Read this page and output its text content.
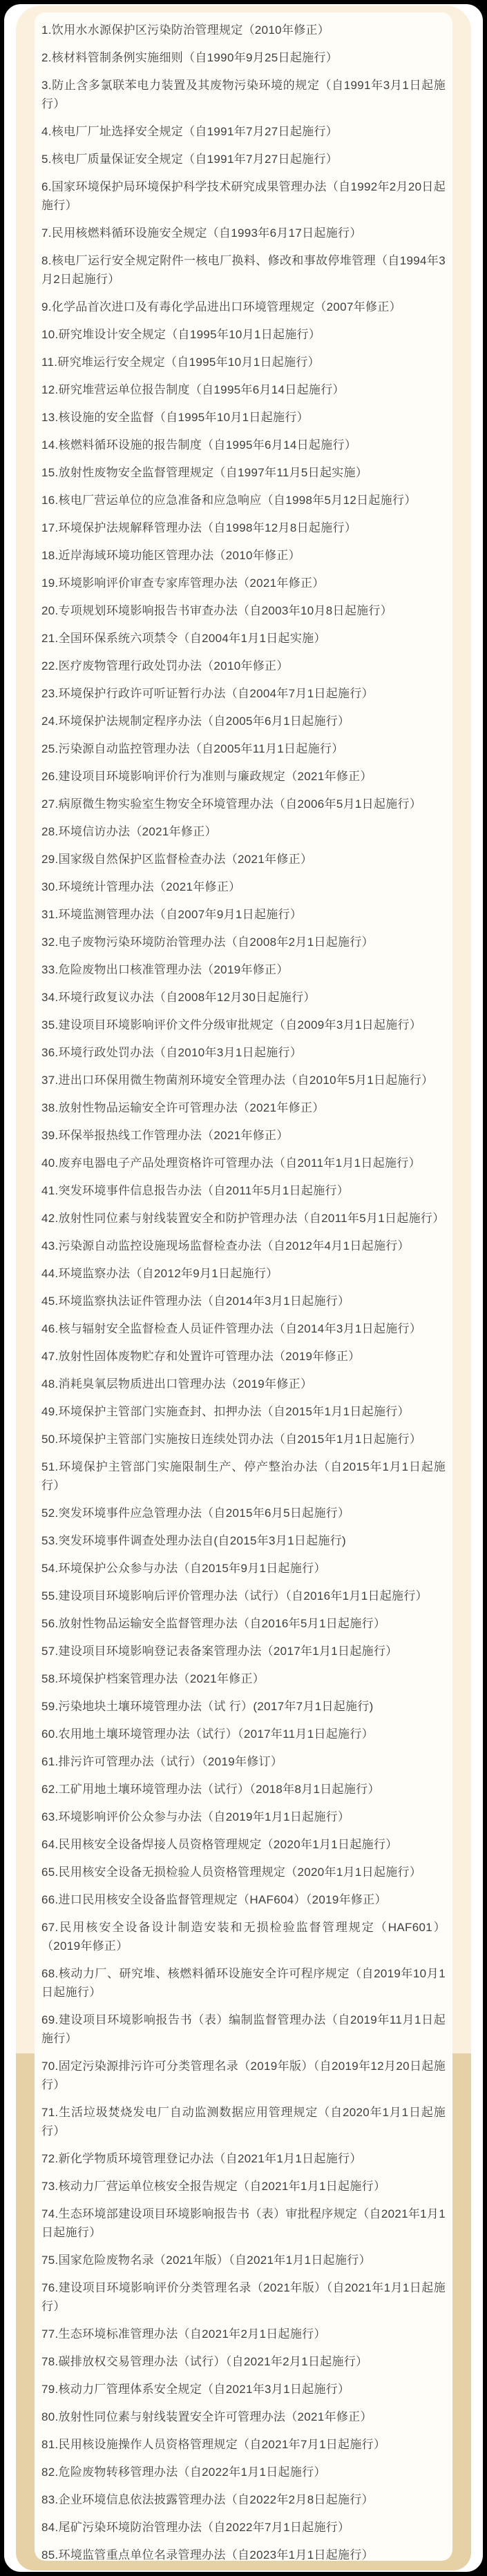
1.饮用水水源保护区污染防治管理规定（2010年修正）
2.核材料管制条例实施细则（自1990年9月25日起施行）
3.防止含多氯联苯电力装置及其废物污染环境的规定（自1991年3月1日起施行）
4.核电厂厂址选择安全规定（自1991年7月27日起施行）
5.核电厂质量保证安全规定（自1991年7月27日起施行）
6.国家环境保护局环境保护科学技术研究成果管理办法（自1992年2月20日起施行）
7.民用核燃料循环设施安全规定（自1993年6月17日起施行）
8.核电厂运行安全规定附件一核电厂换料、修改和事故停堆管理（自1994年3月2日起施行）
9.化学品首次进口及有毒化学品进出口环境管理规定（2007年修正）
10.研究堆设计安全规定（自1995年10月1日起施行）
11.研究堆运行安全规定（自1995年10月1日起施行）
12.研究堆营运单位报告制度（自1995年6月14日起施行）
13.核设施的安全监督（自1995年10月1日起施行）
14.核燃料循环设施的报告制度（自1995年6月14日起施行）
15.放射性废物安全监督管理规定（自1997年11月5日起实施）
16.核电厂营运单位的应急准备和应急响应（自1998年5月12日起施行）
17.环境保护法规解释管理办法（自1998年12月8日起施行）
18.近岸海域环境功能区管理办法（2010年修正）
19.环境影响评价审查专家库管理办法（2021年修正）
20.专项规划环境影响报告书审查办法（自2003年10月8日起施行）
21.全国环保系统六项禁令（自2004年1月1日起实施）
22.医疗废物管理行政处罚办法（2010年修正）
23.环境保护行政许可听证暂行办法（自2004年7月1日起施行）
24.环境保护法规制定程序办法（自2005年6月1日起施行）
25.污染源自动监控管理办法（自2005年11月1日起施行）
26.建设项目环境影响评价行为准则与廉政规定（2021年修正）
27.病原微生物实验室生物安全环境管理办法（自2006年5月1日起施行）
28.环境信访办法（2021年修正）
29.国家级自然保护区监督检查办法（2021年修正）
30.环境统计管理办法（2021年修正）
31.环境监测管理办法（自2007年9月1日起施行）
32.电子废物污染环境防治管理办法（自2008年2月1日起施行）
33.危险废物出口核准管理办法（2019年修正）
34.环境行政复议办法（自2008年12月30日起施行）
35.建设项目环境影响评价文件分级审批规定（自2009年3月1日起施行）
36.环境行政处罚办法（自2010年3月1日起施行）
37.进出口环保用微生物菌剂环境安全管理办法（自2010年5月1日起施行）
38.放射性物品运输安全许可管理办法（2021年修正）
39.环保举报热线工作管理办法（2021年修正）
40.废弃电器电子产品处理资格许可管理办法（自2011年1月1日起施行）
41.突发环境事件信息报告办法（自2011年5月1日起施行）
42.放射性同位素与射线装置安全和防护管理办法（自2011年5月1日起施行）
43.污染源自动监控设施现场监督检查办法（自2012年4月1日起施行）
44.环境监察办法（自2012年9月1日起施行）
45.环境监察执法证件管理办法（自2014年3月1日起施行）
46.核与辐射安全监督检查人员证件管理办法（自2014年3月1日起施行）
47.放射性固体废物贮存和处置许可管理办法（2019年修正）
48.消耗臭氧层物质进出口管理办法（2019年修正）
49.环境保护主管部门实施查封、扣押办法（自2015年1月1日起施行）
50.环境保护主管部门实施按日连续处罚办法（自2015年1月1日起施行）
51.环境保护主管部门实施限制生产、停产整治办法（自2015年1月1日起施行）
52.突发环境事件应急管理办法（自2015年6月5日起施行）
53.突发环境事件调查处理办法自(自2015年3月1日起施行)
54.环境保护公众参与办法（自2015年9月1日起施行）
55.建设项目环境影响后评价管理办法（试行）（自2016年1月1日起施行）
56.放射性物品运输安全监督管理办法（自2016年5月1日起施行）
57.建设项目环境影响登记表备案管理办法（2017年1月1日起施行）
58.环境保护档案管理办法（2021年修正）
59.污染地块土壤环境管理办法（试 行）(2017年7月1日起施行)
60.农用地土壤环境管理办法（试行）（2017年11月1日起施行）
61.排污许可管理办法（试行）（2019年修订）
62.工矿用地土壤环境管理办法（试行）（2018年8月1日起施行）
63.环境影响评价公众参与办法（自2019年1月1日起施行）
64.民用核安全设备焊接人员资格管理规定（2020年1月1日起施行）
65.民用核安全设备无损检验人员资格管理规定（2020年1月1日起施行）
66.进口民用核安全设备监督管理规定（HAF604）（2019年修正）
67.民用核安全设备设计制造安装和无损检验监督管理规定（HAF601）（2019年修正）
68.核动力厂、研究堆、核燃料循环设施安全许可程序规定（自2019年10月1日起施行）
69.建设项目环境影响报告书（表）编制监督管理办法（自2019年11月1日起施行）
70.固定污染源排污许可分类管理名录（2019年版）（自2019年12月20日起施行）
71.生活垃圾焚烧发电厂自动监测数据应用管理规定（自2020年1月1日起施行）
72.新化学物质环境管理登记办法（自2021年1月1日起施行）
73.核动力厂营运单位核安全报告规定（自2021年1月1日起施行）
74.生态环境部建设项目环境影响报告书（表）审批程序规定（自2021年1月1日起施行）
75.国家危险废物名录（2021年版）（自2021年1月1日起施行）
76.建设项目环境影响评价分类管理名录（2021年版）（自2021年1月1日起施行）
77.生态环境标准管理办法（自2021年2月1日起施行）
78.碳排放权交易管理办法（试行）（自2021年2月1日起施行）
79.核动力厂管理体系安全规定（自2021年3月1日起施行）
80.放射性同位素与射线装置安全许可管理办法（2021年修正）
81.民用核设施操作人员资格管理规定（自2021年7月1日起施行）
82.危险废物转移管理办法（自2022年1月1日起施行）
83.企业环境信息依法披露管理办法（自2022年2月8日起施行）
84.尾矿污染环境防治管理办法（自2022年7月1日起施行）
85.环境监管重点单位名录管理办法（自2023年1月1日起施行）
